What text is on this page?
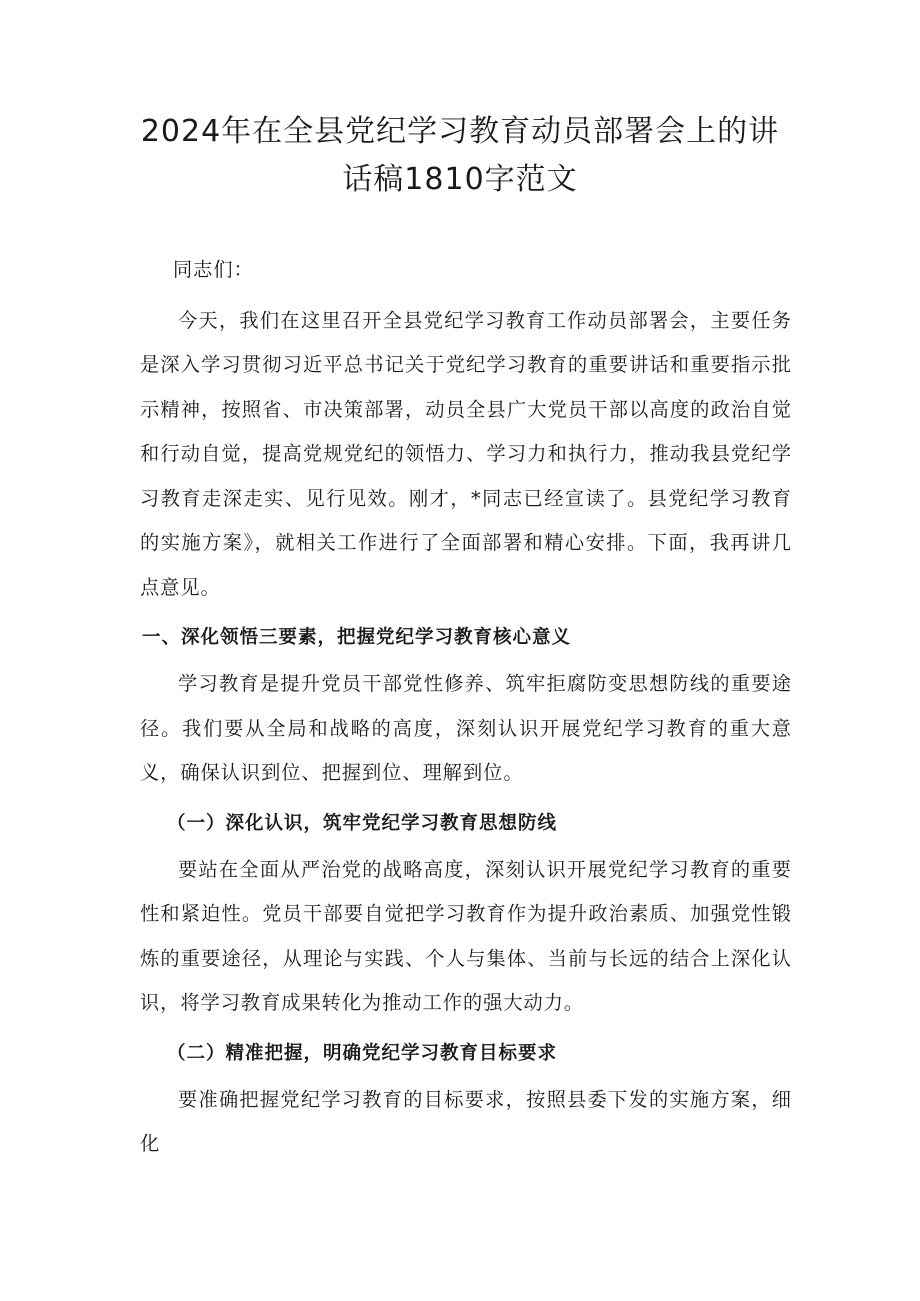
2024年在全县党纪学习教育动员部署会上的讲
话稿1810字范文

同志们：

今天，我们在这里召开全县党纪学习教育工作动员部署会，主要任务是深入学习贯彻习近平总书记关于党纪学习教育的重要讲话和重要指示批示精神，按照省、市决策部署，动员全县广大党员干部以高度的政治自觉和行动自觉，提高党规党纪的领悟力、学习力和执行力，推动我县党纪学习教育走深走实、见行见效。刚才，*同志已经宣读了。县党纪学习教育的实施方案》，就相关工作进行了全面部署和精心安排。下面，我再讲几点意见。

一、深化领悟三要素，把握党纪学习教育核心意义

学习教育是提升党员干部党性修养、筑牢拒腐防变思想防线的重要途径。我们要从全局和战略的高度，深刻认识开展党纪学习教育的重大意义，确保认识到位、把握到位、理解到位。

（一）深化认识，筑牢党纪学习教育思想防线

要站在全面从严治党的战略高度，深刻认识开展党纪学习教育的重要性和紧迫性。党员干部要自觉把学习教育作为提升政治素质、加强党性锻炼的重要途径，从理论与实践、个人与集体、当前与长远的结合上深化认识，将学习教育成果转化为推动工作的强大动力。

（二）精准把握，明确党纪学习教育目标要求

要准确把握党纪学习教育的目标要求，按照县委下发的实施方案，细化
